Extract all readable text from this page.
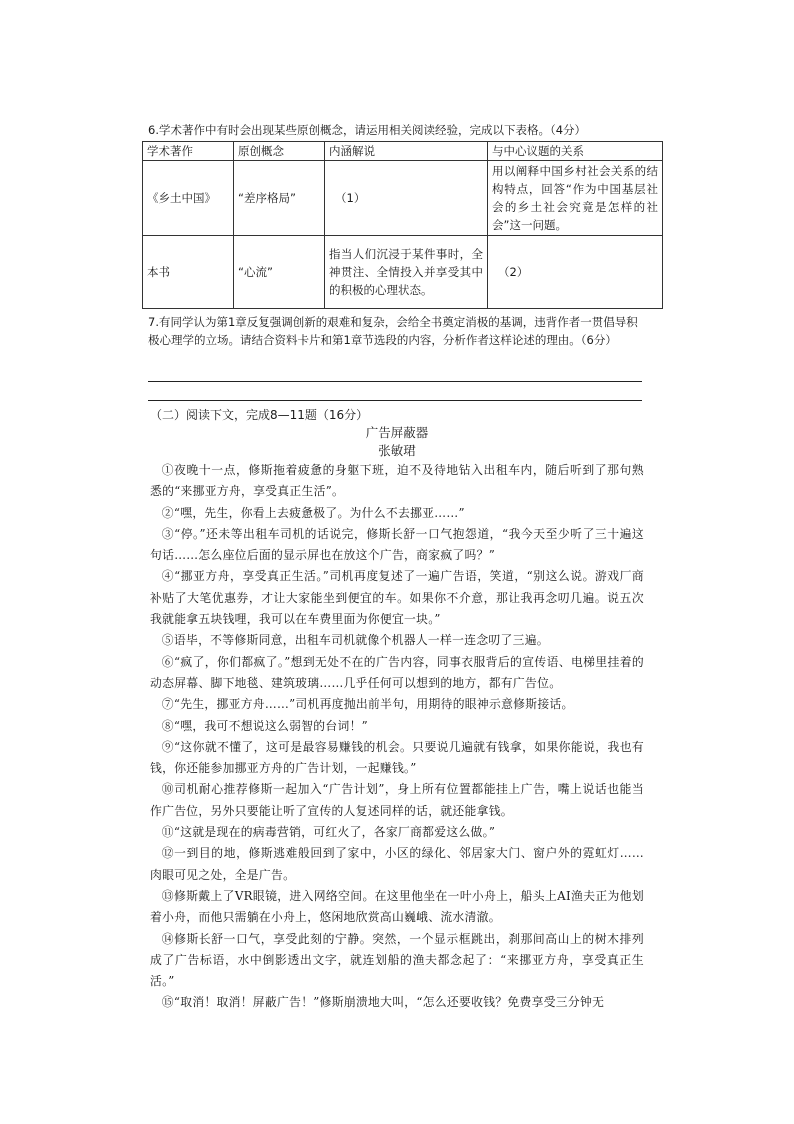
6.学术著作中有时会出现某些原创概念，请运用相关阅读经验，完成以下表格。（4分）
学术著作	原创概念	内涵解说	与中心议题的关系
《乡土中国》	“差序格局”	（1）	用以阐释中国乡村社会关系的结构特点，回答“作为中国基层社会的乡土社会究竟是怎样的社会”这一问题。
本书	“心流”	指当人们沉浸于某件事时，全神贯注、全情投入并享受其中的积极的心理状态。	（2）
7.有同学认为第1章反复强调创新的艰难和复杂，会给全书奠定消极的基调，违背作者一贯倡导积极心理学的立场。请结合资料卡片和第1章节选段的内容，分析作者这样论述的理由。（6分）
（二）阅读下文，完成8—11题（16分）
广告屏蔽器
张敏珺

①夜晚十一点，修斯拖着疲惫的身躯下班，迫不及待地钻入出租车内，随后听到了那句熟悉的“来挪亚方舟，享受真正生活”。

②“嘿，先生，你看上去疲惫极了。为什么不去挪亚……”

③“停。”还未等出租车司机的话说完，修斯长舒一口气抱怨道，“我今天至少听了三十遍这句话……怎么座位后面的显示屏也在放这个广告，商家疯了吗？”

④“挪亚方舟，享受真正生活。”司机再度复述了一遍广告语，笑道，“别这么说。游戏厂商补贴了大笔优惠券，才让大家能坐到便宜的车。如果你不介意，那让我再念叨几遍。说五次我就能拿五块钱哩，我可以在车费里面为你便宜一块。”

⑤语毕，不等修斯同意，出租车司机就像个机器人一样一连念叨了三遍。

⑥“疯了，你们都疯了。”想到无处不在的广告内容，同事衣服背后的宣传语、电梯里挂着的动态屏幕、脚下地毯、建筑玻璃……几乎任何可以想到的地方，都有广告位。

⑦“先生，挪亚方舟……”司机再度抛出前半句，用期待的眼神示意修斯接话。

⑧“嘿，我可不想说这么弱智的台词！”

⑨“这你就不懂了，这可是最容易赚钱的机会。只要说几遍就有钱拿，如果你能说，我也有钱，你还能参加挪亚方舟的广告计划，一起赚钱。”

⑩司机耐心推荐修斯一起加入“广告计划”，身上所有位置都能挂上广告，嘴上说话也能当作广告位，另外只要能让听了宣传的人复述同样的话，就还能拿钱。

⑪“这就是现在的病毒营销，可红火了，各家厂商都爱这么做。”

⑫一到目的地，修斯逃难般回到了家中，小区的绿化、邻居家大门、窗户外的霓虹灯……肉眼可见之处，全是广告。

⑬修斯戴上了VR眼镜，进入网络空间。在这里他坐在一叶小舟上，船头上AI渔夫正为他划着小舟，而他只需躺在小舟上，悠闲地欣赏高山巍峨、流水清澈。

⑭修斯长舒一口气，享受此刻的宁静。突然，一个显示框跳出，刹那间高山上的树木排列成了广告标语，水中倒影透出文字，就连划船的渔夫都念起了：“来挪亚方舟，享受真正生活。”

⑮“取消！取消！屏蔽广告！”修斯崩溃地大叫，“怎么还要收钱？免费享受三分钟无
